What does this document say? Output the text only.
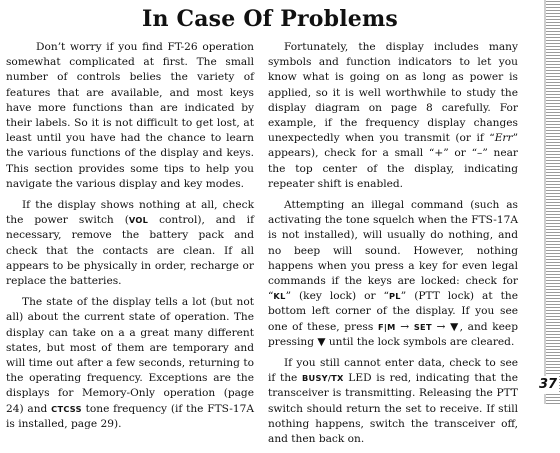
In Case Of Problems

Don’t worry if you find FT-26 operation somewhat complicated at first. The small number of controls belies the variety of features that are available, and most keys have more functions than are indicated by their labels. So it is not difficult to get lost, at least until you have had the chance to learn the various functions of the display and keys. This section provides some tips to help you navigate the various display and key modes.

If the display shows nothing at all, check the power switch (VOL control), and if necessary, remove the battery pack and check that the contacts are clean. If all appears to be physically in order, recharge or replace the batteries.

The state of the display tells a lot (but not all) about the current state of operation. The display can take on a a great many different states, but most of them are temporary and will time out after a few seconds, returning to the operating frequency. Exceptions are the displays for Memory-Only operation (page 24) and CTCSS tone frequency (if the FTS-17A is installed, page 29).

Fortunately, the display includes many symbols and function indicators to let you know what is going on as long as power is applied, so it is well worthwhile to study the display diagram on page 8 carefully. For example, if the frequency display changes unexpectedly when you transmit (or if “Err” appears), check for a small “+” or “–” near the top center of the display, indicating repeater shift is enabled.

Attempting an illegal command (such as activating the tone squelch when the FTS-17A is not installed), will usually do nothing, and no beep will sound. However, nothing happens when you press a key for even legal commands if the keys are locked: check for “KL” (key lock) or “PL” (PTT lock) at the bottom left corner of the display. If you see one of these, press F|M → SET → ▼, and keep pressing ▼ until the lock symbols are cleared.

If you still cannot enter data, check to see if the BUSY/TX LED is red, indicating that the transceiver is transmitting. Releasing the PTT switch should return the set to receive. If still nothing happens, switch the transceiver off, and then back on.

37
